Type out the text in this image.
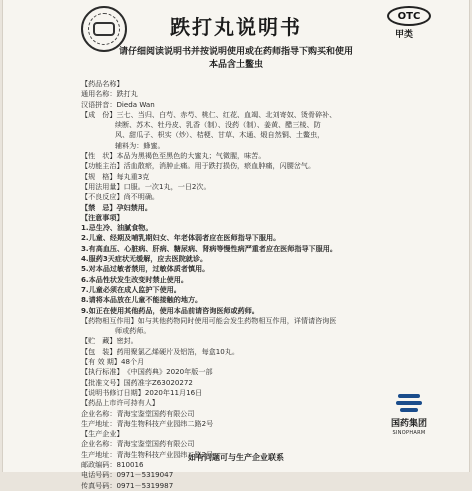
跌打丸说明书	OTC
甲类
请仔细阅读说明书并按说明使用或在药师指导下购买和使用
本品含土鳖虫
【药品名称】
通用名称：跌打丸
汉语拼音：Dieda Wan
【成　份】三七、当归、白芍、赤芍、桃仁、红花、血竭、北刘寄奴、烫骨碎补、
续断、苏木、牡丹皮、乳香（制）、没药（制）、姜黄、醋三棱、防
风、甜瓜子、枳实（炒）、桔梗、甘草、木通、煅自然铜、土鳖虫，
辅料为：蜂蜜。
【性　状】本品为黑褐色至黑色的大蜜丸；气微腥，味苦。
【功能主治】活血散瘀，消肿止痛。用于跌打损伤，瘀血肿痛，闪腰岔气。
【规　格】每丸重3克
【用法用量】口服。一次1丸，一日2次。
【不良反应】尚不明确。
【禁　忌】孕妇禁用。
【注意事项】
1.忌生冷、油腻食物。
2.儿童、经期及哺乳期妇女、年老体弱者应在医师指导下服用。
3.有高血压、心脏病、肝病、糖尿病、肾病等慢性病严重者应在医师指导下服用。
4.服药3天症状无缓解，应去医院就诊。
5.对本品过敏者禁用，过敏体质者慎用。
6.本品性状发生改变时禁止使用。
7.儿童必须在成人监护下使用。
8.请将本品放在儿童不能接触的地方。
9.如正在使用其他药品，使用本品前请咨询医师或药师。
【药物相互作用】如与其他药物同时使用可能会发生药物相互作用，详情请咨询医
师或药师。
【贮　藏】密封。
【包　装】药用聚氯乙烯硬片及铝箔，每盒10丸。
【有 效 期】48个月
【执行标准】《中国药典》2020年版一部
【批准文号】国药准字Z63020272
【说明书修订日期】2020年11月16日
【药品上市许可持有人】
企业名称：青海宝鉴堂国药有限公司
生产地址：青海生物科技产业园纬二路2号
【生产企业】
企业名称：青海宝鉴堂国药有限公司
生产地址：青海生物科技产业园纬二路2号
邮政编码：810016
电话号码：0971－5319047
传真号码：0971－5319987
国药集团
SINOPHARM
如有问题可与生产企业联系
